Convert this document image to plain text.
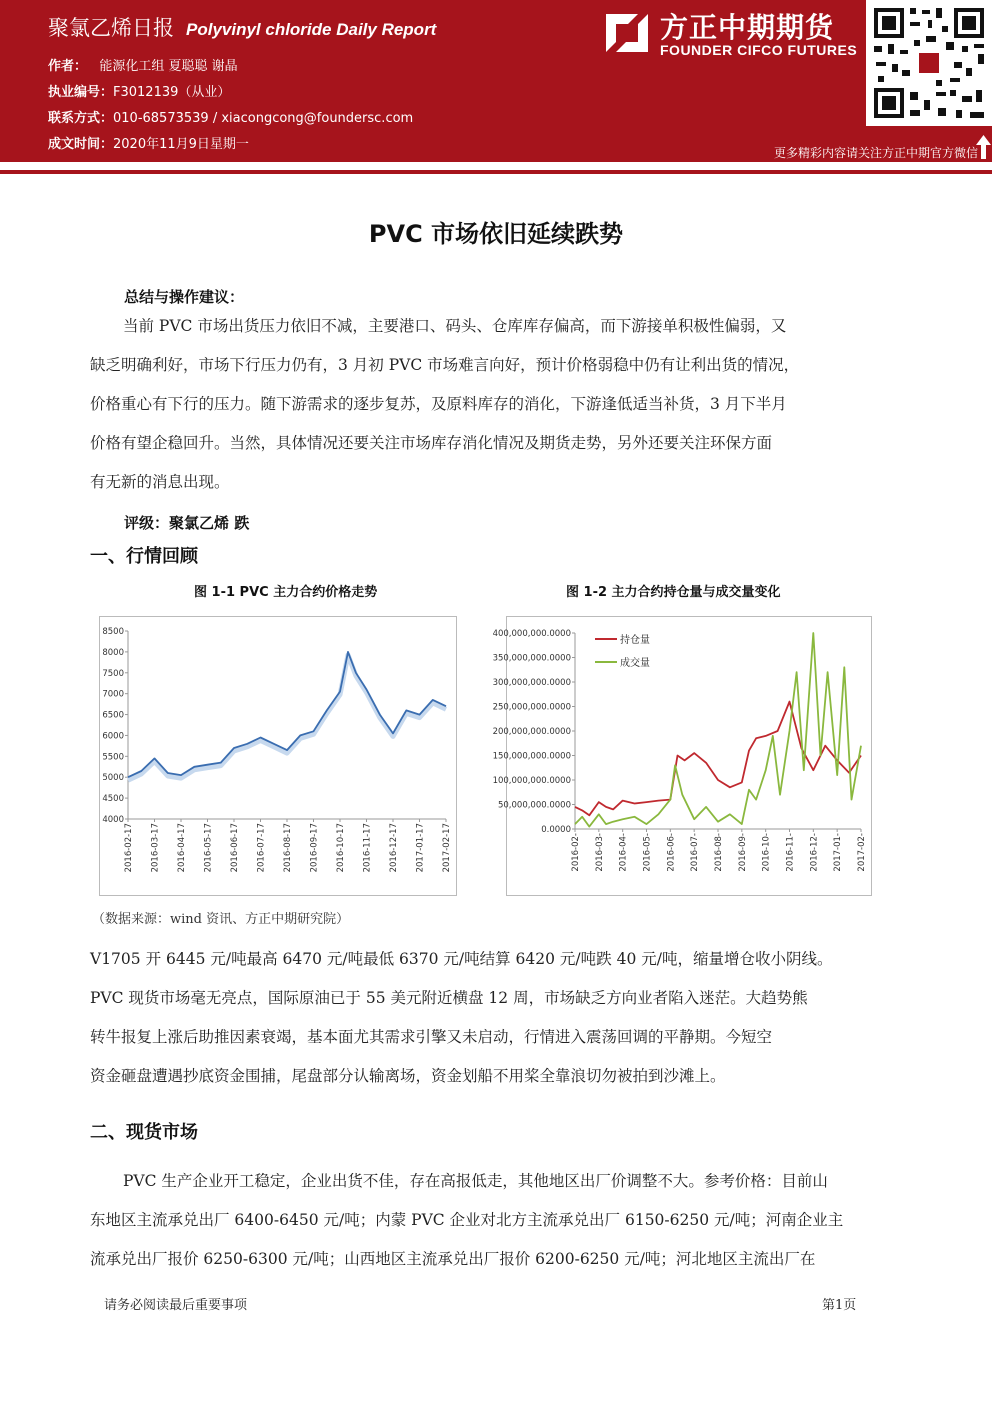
聚氯乙烯日报 Polyvinyl chloride Daily Report
作者： 能源化工组 夏聪聪 谢晶
执业编号：F3012139（从业）
联系方式：010-68573539 / xiacongcong@foundersc.com
成文时间：2020年11月9日星期一
方正中期期货
FOUNDER CIFCO FUTURES
更多精彩内容请关注方正中期官方微信
PVC 市场依旧延续跌势
总结与操作建议：
当前 PVC 市场出货压力依旧不减，主要港口、码头、仓库库存偏高，而下游接单积极性偏弱，又
缺乏明确利好，市场下行压力仍有，3 月初 PVC 市场难言向好，预计价格弱稳中仍有让利出货的情况，
价格重心有下行的压力。随下游需求的逐步复苏，及原料库存的消化，下游逢低适当补货，3 月下半月
价格有望企稳回升。当然，具体情况还要关注市场库存消化情况及期货走势，另外还要关注环保方面
有无新的消息出现。
评级：聚氯乙烯 跌
一、行情回顾
图 1-1 PVC 主力合约价格走势	图 1-2 主力合约持仓量与成交量变化
4000
4500
5000
5500
6000
6500
7000
7500
8000
8500
2016-02-17 2016-03-17 2016-04-17 2016-05-17 2016-06-17 2016-07-17 2016-08-17 2016-09-17 2016-10-17 2016-11-17 2016-12-17 2017-01-17 2017-02-17	0.0000
50,000,000.0000
100,000,000.0000
150,000,000.0000
200,000,000.0000
250,000,000.0000
300,000,000.0000
350,000,000.0000
400,000,000.0000
2016-02- 2016-03- 2016-04- 2016-05- 2016-06- 2016-07- 2016-08- 2016-09- 2016-10- 2016-11- 2016-12- 2017-01- 2017-02-
持仓量
成交量
（数据来源：wind 资讯、方正中期研究院）
V1705 开 6445 元/吨最高 6470 元/吨最低 6370 元/吨结算 6420 元/吨跌 40 元/吨，缩量增仓收小阴线。
PVC 现货市场毫无亮点，国际原油已于 55 美元附近横盘 12 周，市场缺乏方向业者陷入迷茫。大趋势熊
转牛报复上涨后助推因素衰竭，基本面尤其需求引擎又未启动，行情进入震荡回调的平静期。今短空
资金砸盘遭遇抄底资金围捕，尾盘部分认输离场，资金划船不用桨全靠浪切勿被拍到沙滩上。
二、现货市场
PVC 生产企业开工稳定，企业出货不佳，存在高报低走，其他地区出厂价调整不大。参考价格：目前山
东地区主流承兑出厂 6400-6450 元/吨；内蒙 PVC 企业对北方主流承兑出厂 6150-6250 元/吨；河南企业主
流承兑出厂报价 6250-6300 元/吨；山西地区主流承兑出厂报价 6200-6250 元/吨；河北地区主流出厂在
请务必阅读最后重要事项	第1页
